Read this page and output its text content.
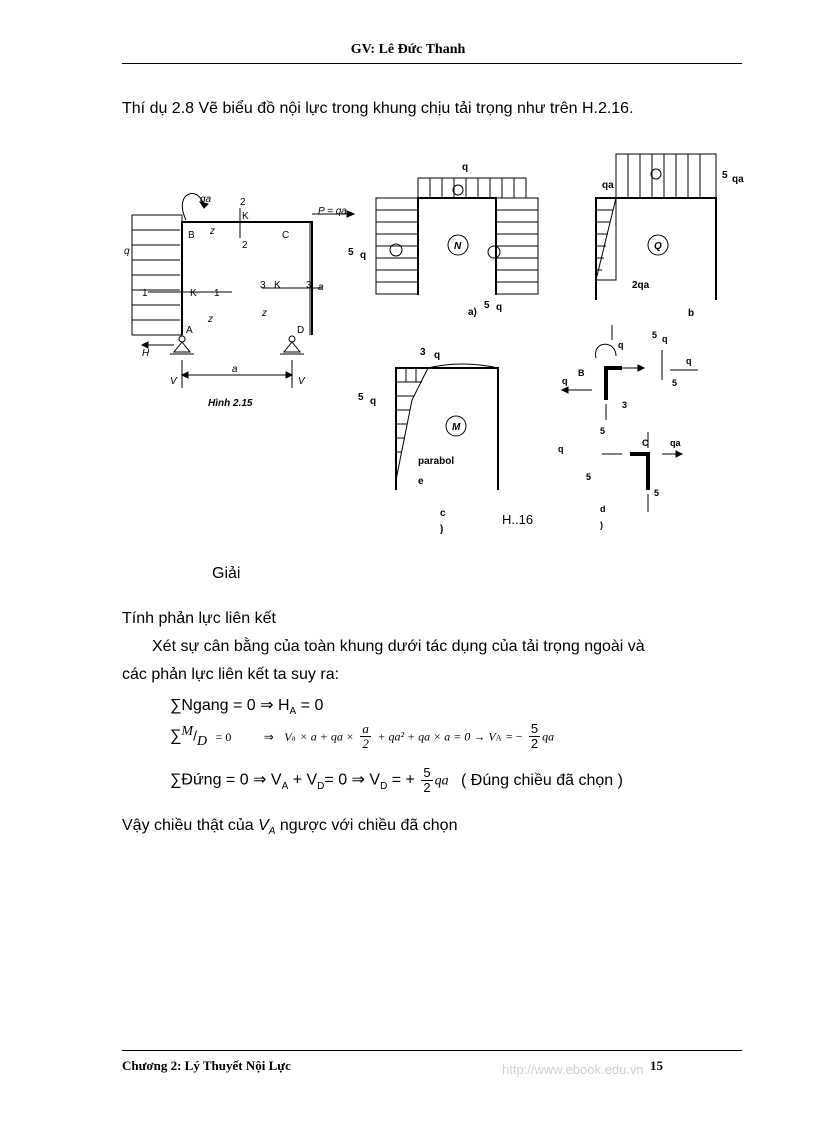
GV: Lê Đức Thanh
Thí dụ 2.8 Vẽ biểu đồ nội lực trong khung chịu tải trọng như trên H.2.16.
qa
P = qa
q
B	C
A	D
K
K
K
1	1
2
2
3	3
z
z
z
a
a
H
V	V
Hình 2.15
N
q
5 q
a)
5 q
Q
qa
5 qa
2qa
b
M
3 q
5 q
parabol
e
c
)
H..16
B
q
5 q
q
5
q
3
5
C qa
q
5
5
d
)
Giải
Tính phản lực liên kết
Xét sự cân bằng của toàn khung dưới tác dụng của tải trọng ngoài và
các phản lực liên kết ta suy ra:
∑Ngang = 0 ⇒ $H_A = 0$
∑M/D = 0	⇒ Va × a + qa × $\frac{a}{2} + qa^2$ + qa × a = 0 → VA = − $\frac{5}{2}$ qa
∑Đứng = 0 ⇒ $V_A + V_D= 0$ ⇒ $V_D$ = + $\frac{5}{2}$ qa ( Đúng chiều đã chọn )
Vậy chiều thật của $V_A$ ngược với chiều đã chọn
Chương 2: Lý Thuyết Nội Lực	http://www.ebook.edu.vn 15
